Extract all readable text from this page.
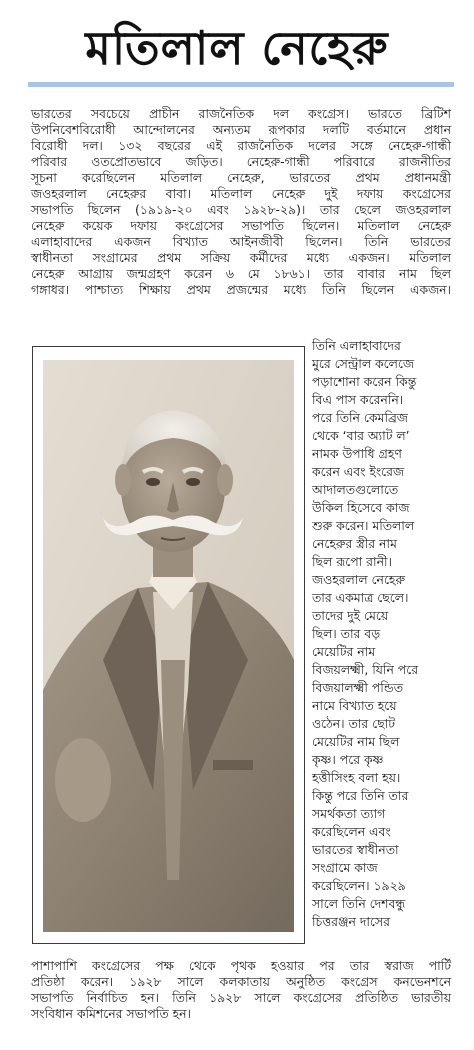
মতিলাল নেহেরু
ভারতের সবচেয়ে প্রাচীন রাজনৈতিক দল কংগ্রেস। ভারতে ব্রিটিশ
উপনিবেশবিরোধী আন্দোলনের অন্যতম রূপকার দলটি বর্তমানে প্রধান
বিরোধী দল। ১৩২ বছরের এই রাজনৈতিক দলের সঙ্গে নেহেরু-গান্ধী
পরিবার ওতপ্রোতভাবে জড়িত। নেহেরু-গান্ধী পরিবারে রাজনীতির
সূচনা করেছিলেন মতিলাল নেহেরু, ভারতের প্রথম প্রধানমন্ত্রী
জওহরলাল নেহেরুর বাবা। মতিলাল নেহেরু দুই দফায় কংগ্রেসের
সভাপতি ছিলেন (১৯১৯-২০ এবং ১৯২৮-২৯)। তার ছেলে জওহরলাল
নেহেরু কয়েক দফায় কংগ্রেসের সভাপতি ছিলেন। মতিলাল নেহেরু
এলাহাবাদের একজন বিখ্যাত আইনজীবী ছিলেন। তিনি ভারতের
স্বাধীনতা সংগ্রামের প্রথম সক্রিয় কর্মীদের মধ্যে একজন। মতিলাল
নেহেরু আগ্রায় জন্মগ্রহণ করেন ৬ মে ১৮৬১। তার বাবার নাম ছিল
গঙ্গাধর। পাশ্চাত্য শিক্ষায় প্রথম প্রজন্মের মধ্যে তিনি ছিলেন একজন।
তিনি এলাহাবাদের
মুরে সেন্ট্রাল কলেজে
পড়াশোনা করেন কিন্তু
বিএ পাস করেননি।
পরে তিনি কেমব্রিজ
থেকে ‘বার অ্যাট ল’
নামক উপাধি গ্রহণ
করেন এবং ইংরেজ
আদালতগুলোতে
উকিল হিসেবে কাজ
শুরু করেন। মতিলাল
নেহেরুর স্ত্রীর নাম
ছিল রূপো রানী।
জওহরলাল নেহেরু
তার একমাত্র ছেলে।
তাদের দুই মেয়ে
ছিল। তার বড়
মেয়েটির নাম
বিজয়লক্ষ্মী, যিনি পরে
বিজয়ালক্ষ্মী পন্ডিত
নামে বিখ্যাত হয়ে
ওঠেন। তার ছোট
মেয়েটির নাম ছিল
কৃষ্ণ। পরে কৃষ্ণ
হত্তীসিংহ বলা হয়।
কিন্তু পরে তিনি তার
সমর্থকতা ত্যাগ
করেছিলেন এবং
ভারতের স্বাধীনতা
সংগ্রামে কাজ
করেছিলেন। ১৯২৯
সালে তিনি দেশবন্ধু
চিত্তরঞ্জন দাসের
পাশাপাশি কংগ্রেসের পক্ষ থেকে পৃথক হওয়ার পর তার স্বরাজ পার্টি
প্রতিষ্ঠা করেন। ১৯২৮ সালে কলকাতায় অনুষ্ঠিত কংগ্রেস কনভেনশনে
সভাপতি নির্বাচিত হন। তিনি ১৯২৮ সালে কংগ্রেসের প্রতিষ্ঠিত ভারতীয়
সংবিধান কমিশনের সভাপতি হন।
